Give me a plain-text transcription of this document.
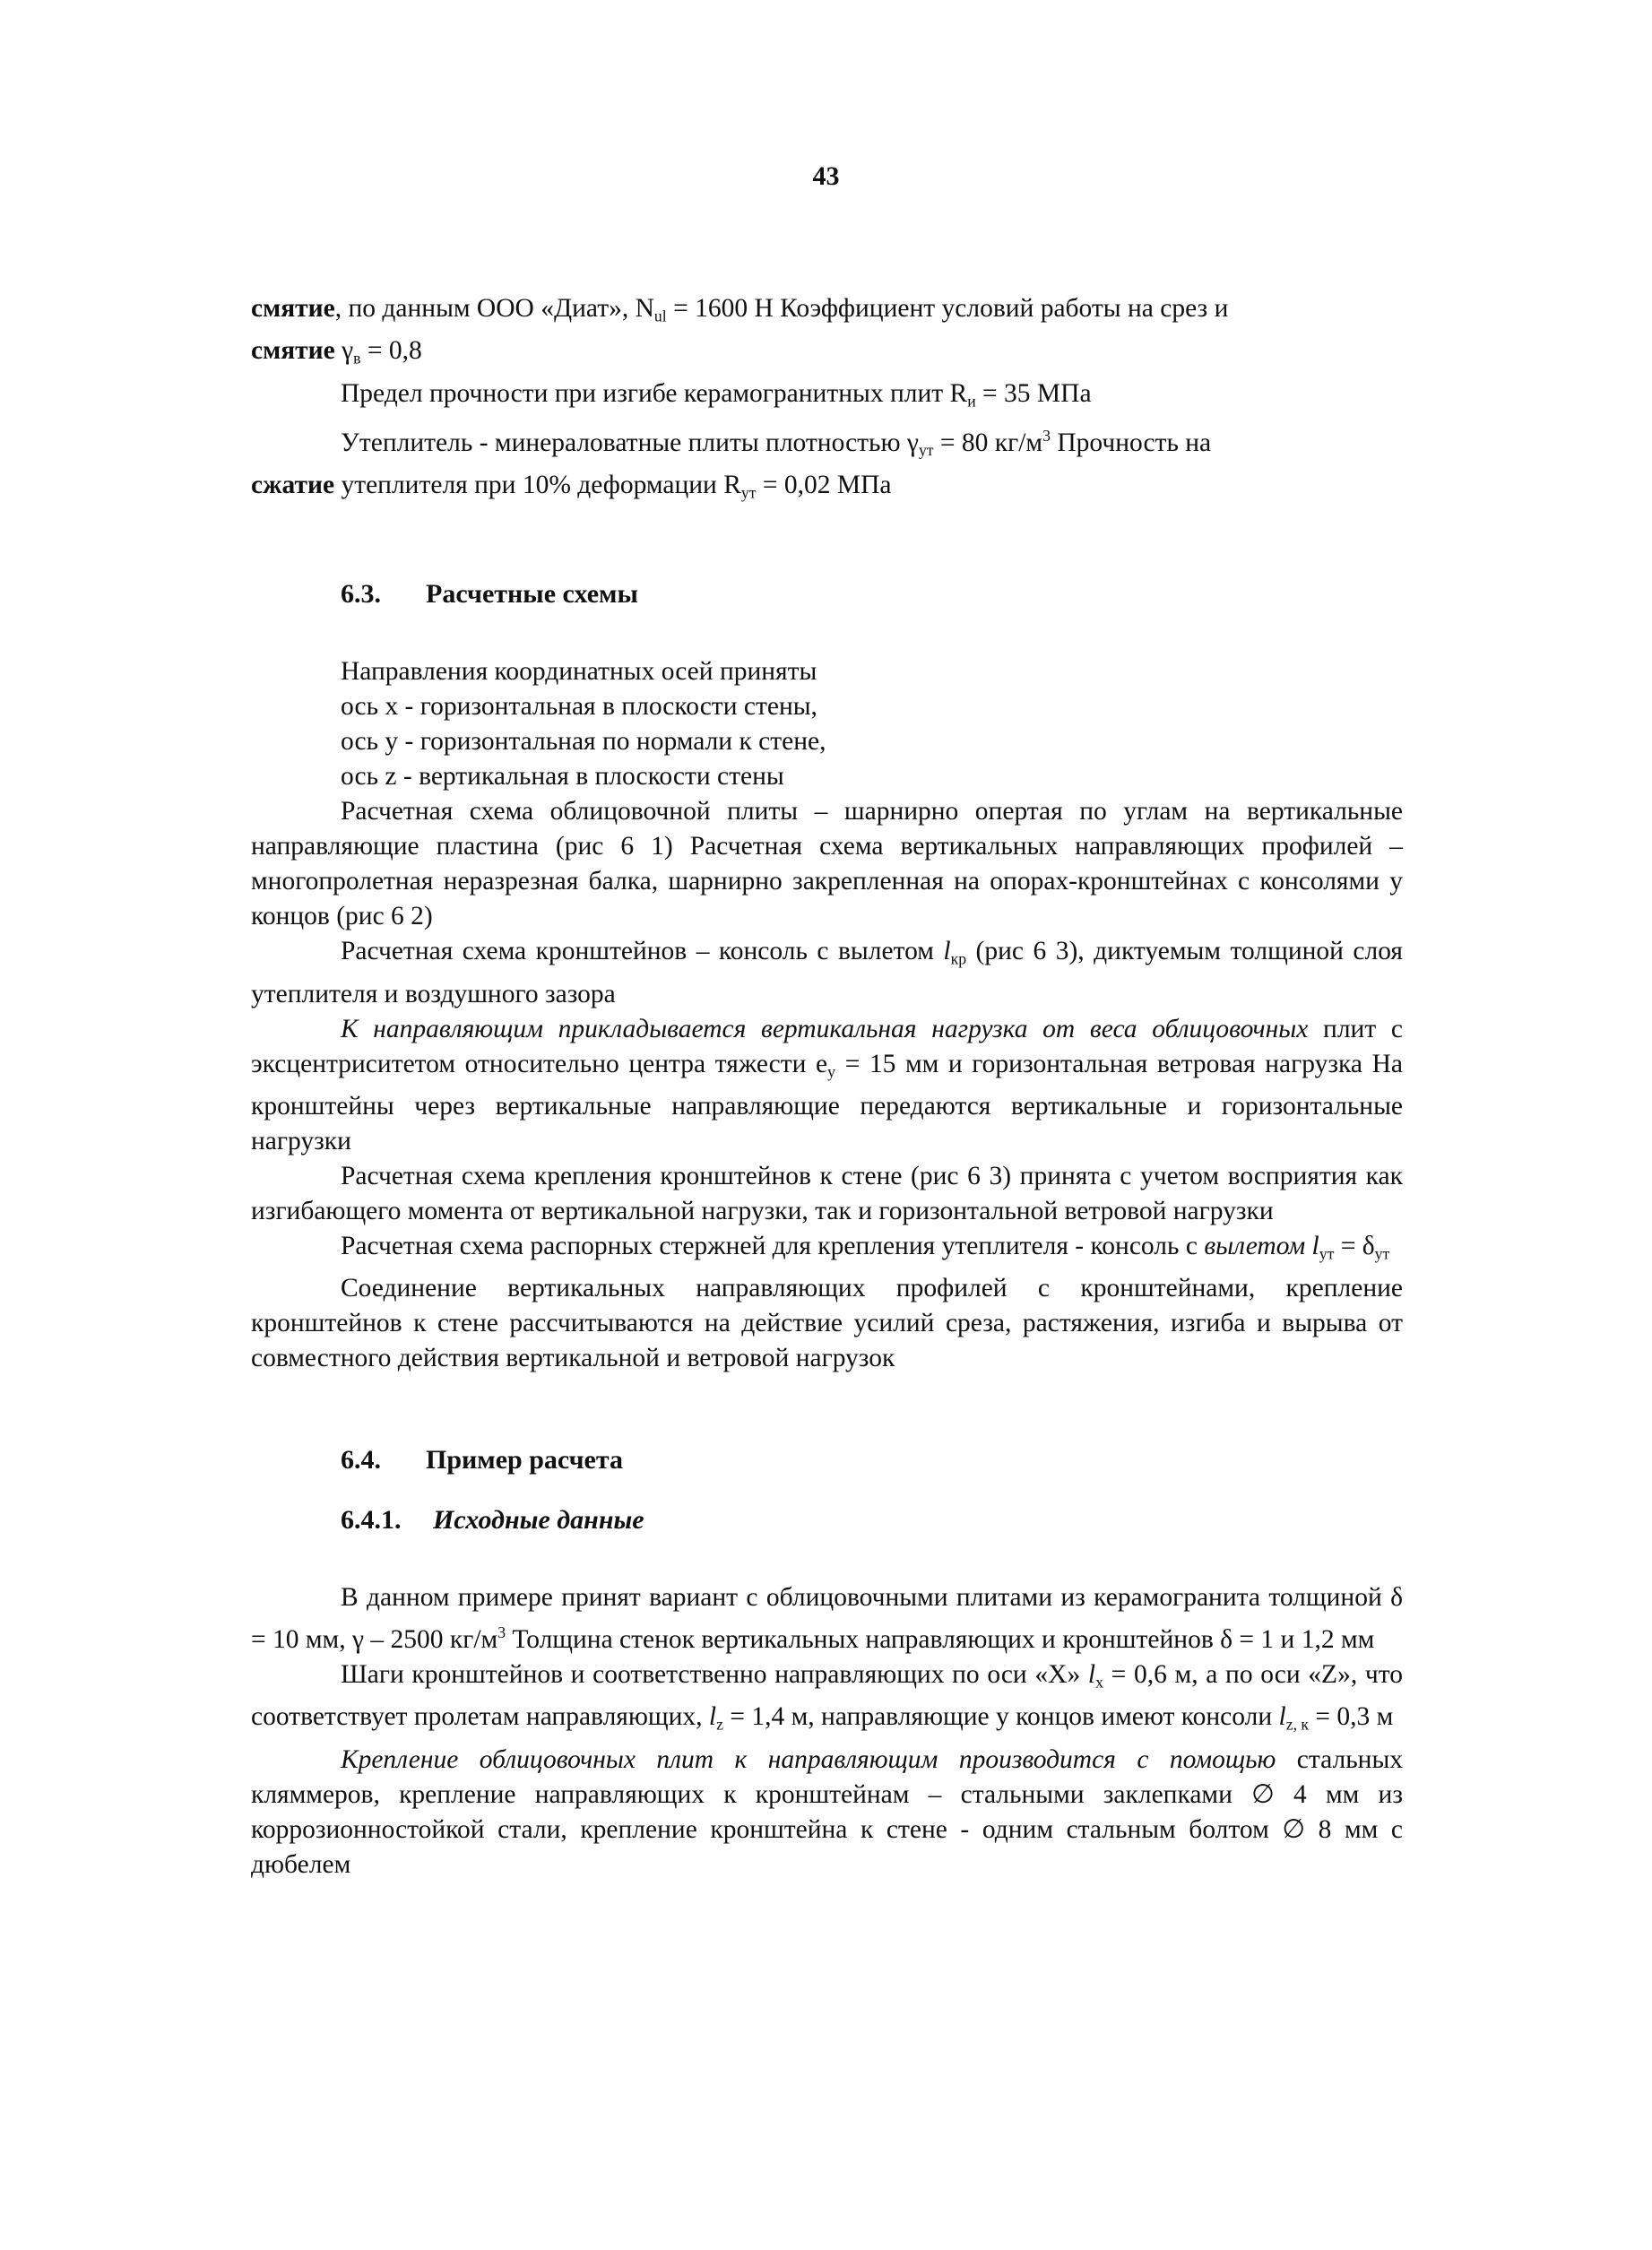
43

смятие, по данным ООО «Диат», $N_{ul} = 1600$ Н Коэффициент условий работы на срез и
смятие $\gamma_в = 0,8$

Предел прочности при изгибе керамогранитных плит $R_и = 35$ МПа

Утеплитель - минераловатные плиты плотностью $\gamma_{ут} = 80$ $кг/м^3$ Прочность на
сжатие утеплителя при 10% деформации $R_{ут} = 0,02$ МПа

6.3. Расчетные схемы

Направления координатных осей приняты

ось x - горизонтальная в плоскости стены,

ось y - горизонтальная по нормали к стене,

ось z - вертикальная в плоскости стены

Расчетная схема облицовочной плиты – шарнирно опертая по углам на вертикальные направляющие пластина (рис 6 1) Расчетная схема вертикальных направляющих профилей – многопролетная неразрезная балка, шарнирно закрепленная на опорах-кронштейнах с консолями у концов (рис 6 2)

Расчетная схема кронштейнов – консоль с вылетом $l_{кр}$ (рис 6 3), диктуемым толщиной слоя утеплителя и воздушного зазора

К направляющим прикладывается вертикальная нагрузка от веса облицовочных плит с эксцентриситетом относительно центра тяжести $e_y = 15$ мм и горизонтальная ветровая нагрузка На кронштейны через вертикальные направляющие передаются вертикальные и горизонтальные нагрузки

Расчетная схема крепления кронштейнов к стене (рис 6 3) принята с учетом восприятия как изгибающего момента от вертикальной нагрузки, так и горизонтальной ветровой нагрузки

Расчетная схема распорных стержней для крепления утеплителя - консоль с вылетом $l_{ут} = \delta_{ут}$

Соединение вертикальных направляющих профилей с кронштейнами, крепление кронштейнов к стене рассчитываются на действие усилий среза, растяжения, изгиба и вырыва от совместного действия вертикальной и ветровой нагрузок

6.4. Пример расчета
6.4.1. Исходные данные

В данном примере принят вариант с облицовочными плитами из керамогранита толщиной δ = 10 мм, γ – 2500 $кг/м^3$ Толщина стенок вертикальных направляющих и кронштейнов δ = 1 и 1,2 мм

Шаги кронштейнов и соответственно направляющих по оси «X» $l_x = 0,6$ м, а по оси «Z», что соответствует пролетам направляющих, $l_z = 1,4$ м, направляющие у концов имеют консоли $l_{z, к} = 0,3$ м

Крепление облицовочных плит к направляющим производится с помощью стальных кляммеров, крепление направляющих к кронштейнам – стальными заклепками ∅ 4 мм из коррозионностойкой стали, крепление кронштейна к стене - одним стальным болтом ∅ 8 мм с дюбелем
